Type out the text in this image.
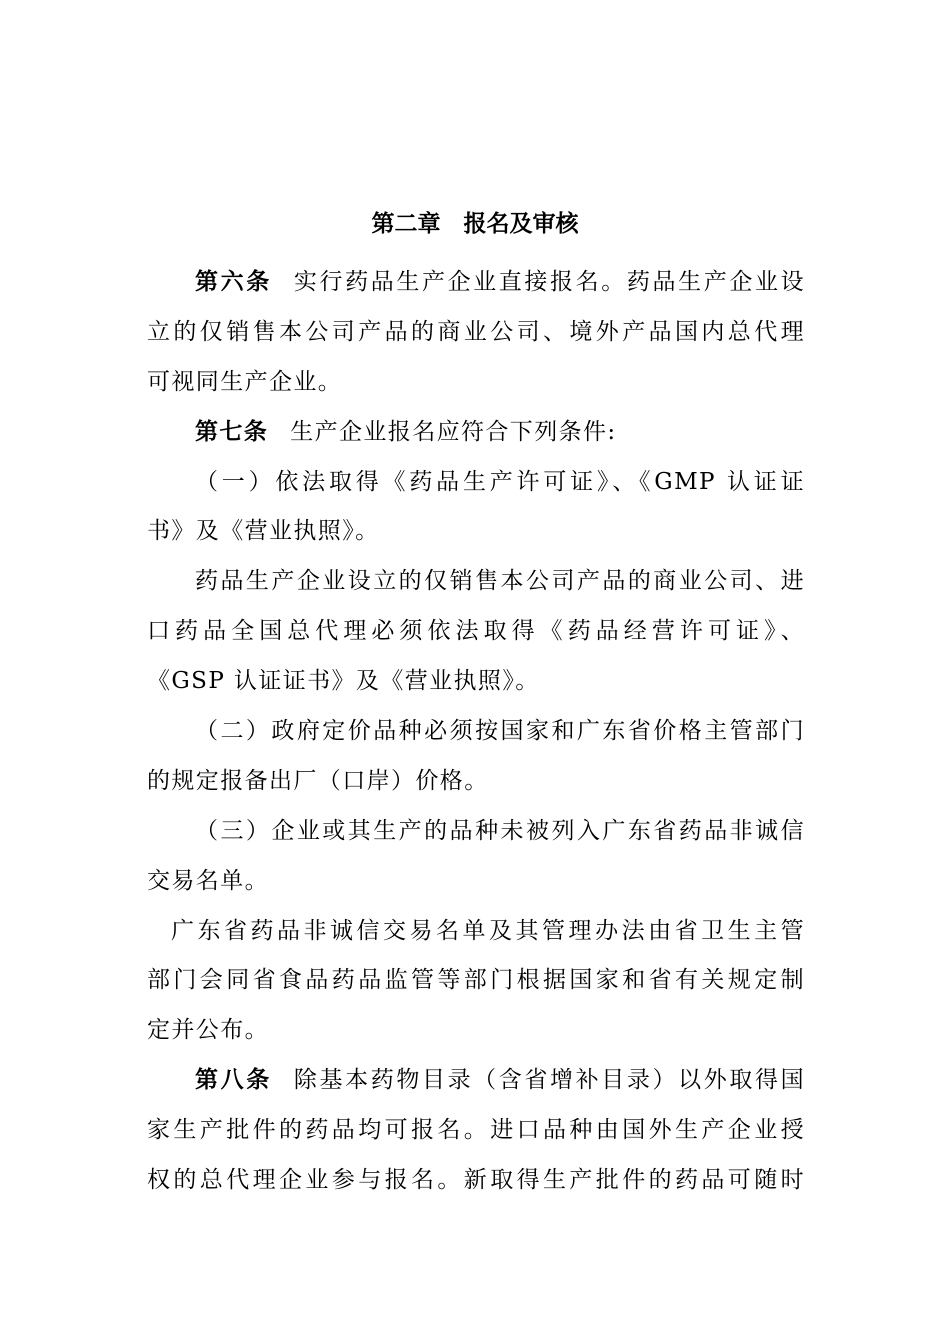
第二章　报名及审核
第六条 实行药品生产企业直接报名。药品生产企业设
立的仅销售本公司产品的商业公司、境外产品国内总代理
可视同生产企业。
第七条 生产企业报名应符合下列条件:
（一）依法取得《药品生产许可证》、《GMP 认证证
书》及《营业执照》。
药品生产企业设立的仅销售本公司产品的商业公司、进
口药品全国总代理必须依法取得《药品经营许可证》、
《GSP 认证证书》及《营业执照》。
（二）政府定价品种必须按国家和广东省价格主管部门
的规定报备出厂（口岸）价格。
（三）企业或其生产的品种未被列入广东省药品非诚信
交易名单。
广东省药品非诚信交易名单及其管理办法由省卫生主管
部门会同省食品药品监管等部门根据国家和省有关规定制
定并公布。
第八条 除基本药物目录（含省增补目录）以外取得国
家生产批件的药品均可报名。进口品种由国外生产企业授
权的总代理企业参与报名。新取得生产批件的药品可随时
